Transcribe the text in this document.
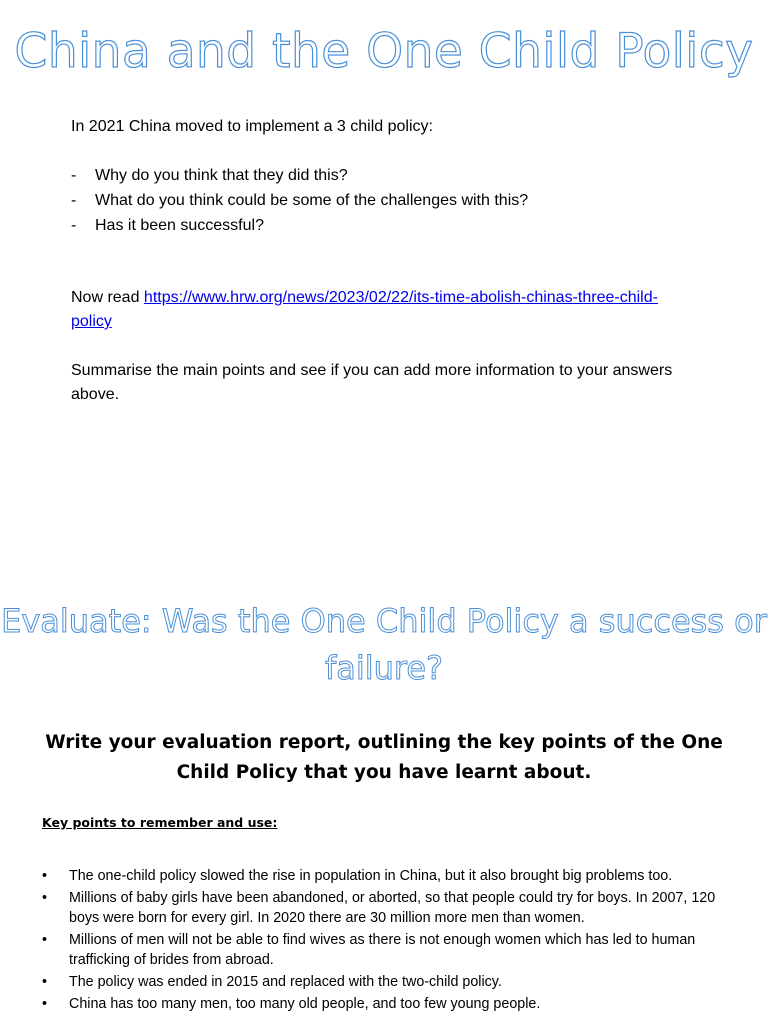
China and the One Child Policy

In 2021 China moved to implement a 3 child policy:

- Why do you think that they did this?
- What do you think could be some of the challenges with this?
- Has it been successful?

Now read https://www.hrw.org/news/2023/02/22/its-time-abolish-chinas-three-child-policy

Summarise the main points and see if you can add more information to your answers above.

Evaluate: Was the One Child Policy a success or failure?

Write your evaluation report, outlining the key points of the One Child Policy that you have learnt about.

Key points to remember and use:

• The one-child policy slowed the rise in population in China, but it also brought big problems too.
• Millions of baby girls have been abandoned, or aborted, so that people could try for boys. In 2007, 120 boys were born for every girl. In 2020 there are 30 million more men than women.
• Millions of men will not be able to find wives as there is not enough women which has led to human trafficking of brides from abroad.
• The policy was ended in 2015 and replaced with the two-child policy.
• China has too many men, too many old people, and too few young people.
